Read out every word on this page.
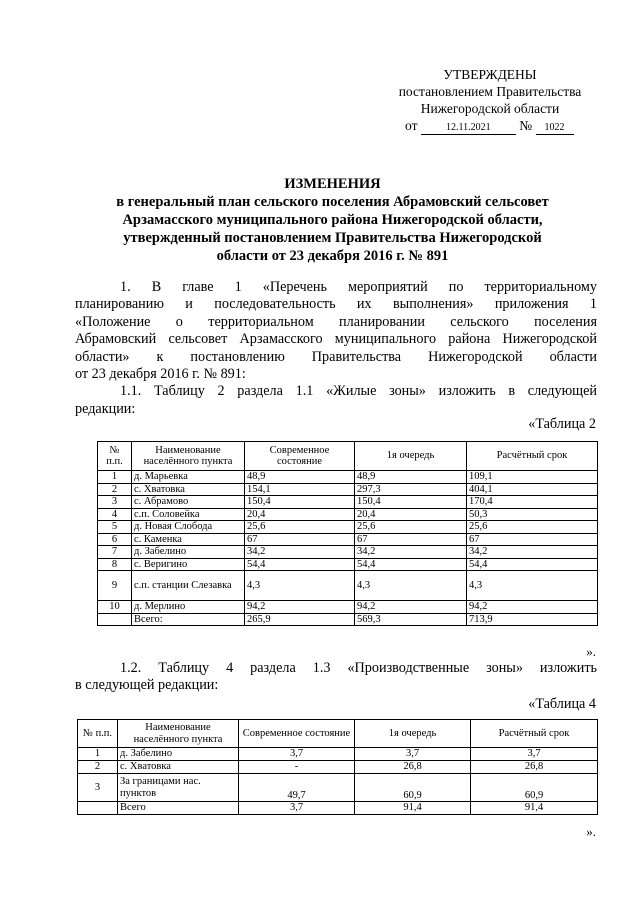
УТВЕРЖДЕНЫ
постановлением Правительства
Нижегородской области
от	12.11.2021 № 1022
ИЗМЕНЕНИЯ
в генеральный план сельского поселения Абрамовский сельсовет
Арзамасского муниципального района Нижегородской области,
утвержденный постановлением Правительства Нижегородской
области от 23 декабря 2016 г. № 891

1. В главе 1 «Перечень мероприятий по территориальному

планированию и последовательность их выполнения» приложения 1

«Положение о территориальном планировании сельского поселения

Абрамовский сельсовет Арзамасского муниципального района Нижегородской

области» к постановлению Правительства Нижегородской области

от 23 декабря 2016 г. № 891:

1.1. Таблицу 2 раздела 1.1 «Жилые зоны» изложить в следующей

редакции:

«Таблица 2
№ п.п.	Наименование населённого пункта	Современное состояние	1я очередь	Расчётный срок
1	д. Марьевка	48,9	48,9	109,1
2	с. Хватовка	154,1	297,3	404,1
3	с. Абрамово	150,4	150,4	170,4
4	с.п. Соловейка	20,4	20,4	50,3
5	д. Новая Слобода	25,6	25,6	25,6
6	с. Каменка	67	67	67
7	д. Забелино	34,2	34,2	34,2
8	с. Веригино	54,4	54,4	54,4
9	с.п. станции Слезавка	4,3	4,3	4,3
10	д. Мерлино	94,2	94,2	94,2
	Всего:	265,9	569,3	713,9
».

1.2. Таблицу 4 раздела 1.3 «Производственные зоны» изложить

в следующей редакции:

«Таблица 4
№ п.п.	Наименование населённого пункта	Современное состояние	1я очередь	Расчётный срок
1	д. Забелино	3,7	3,7	3,7
2	с. Хватовка	-	26,8	26,8
3	За границами нас. пунктов	49,7	60,9	60,9
	Всего	3,7	91,4	91,4
».
